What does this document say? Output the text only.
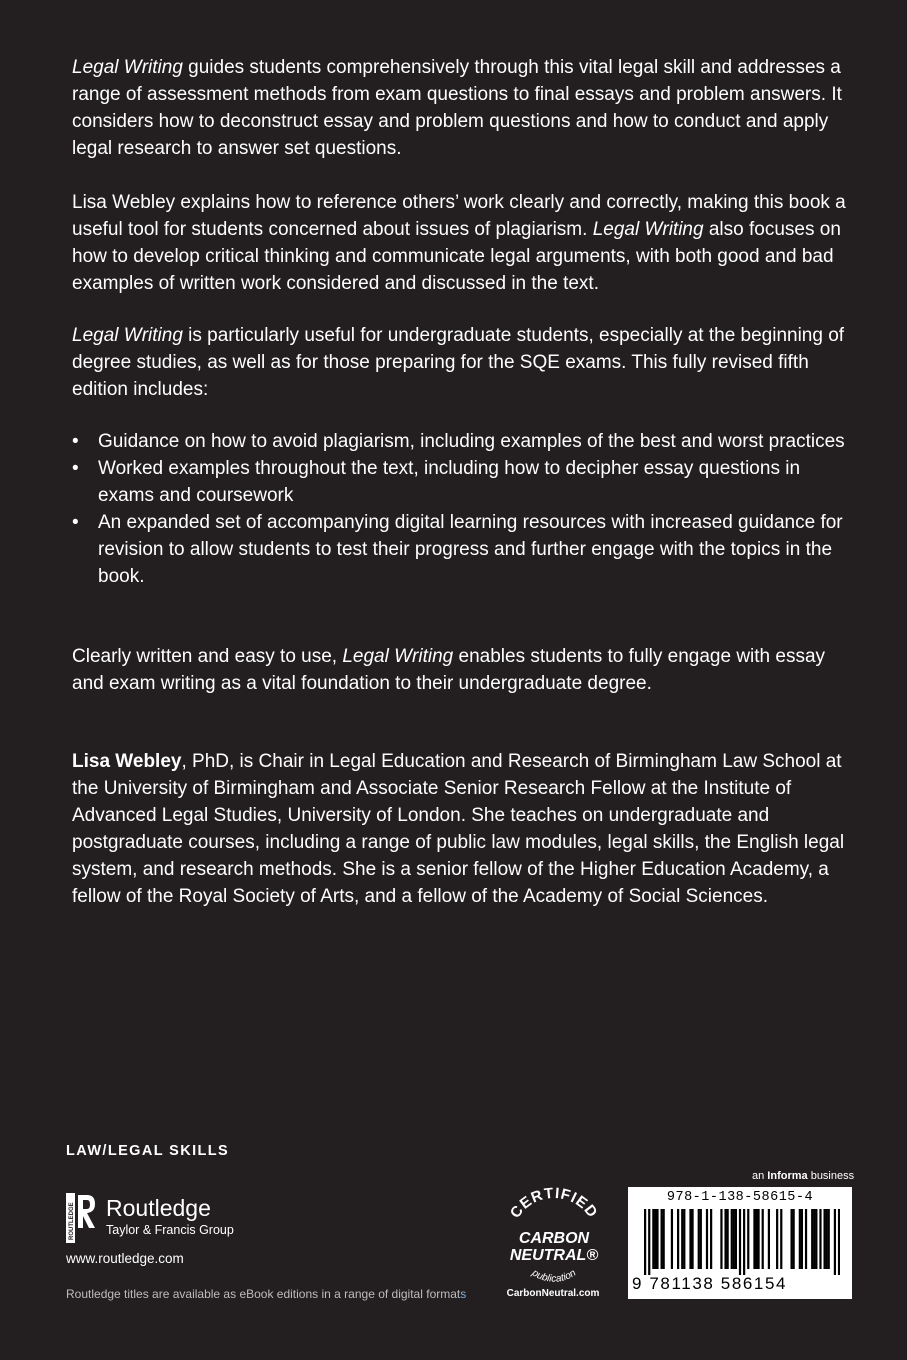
Legal Writing guides students comprehensively through this vital legal skill and addresses a range of assessment methods from exam questions to final essays and problem answers. It considers how to deconstruct essay and problem questions and how to conduct and apply legal research to answer set questions.

Lisa Webley explains how to reference others’ work clearly and correctly, making this book a useful tool for students concerned about issues of plagiarism. Legal Writing also focuses on how to develop critical thinking and communicate legal arguments, with both good and bad examples of written work considered and discussed in the text.

Legal Writing is particularly useful for undergraduate students, especially at the beginning of degree studies, as well as for those preparing for the SQE exams. This fully revised fifth edition includes:

• Guidance on how to avoid plagiarism, including examples of the best and worst practices
• Worked examples throughout the text, including how to decipher essay questions in exams and coursework
• An expanded set of accompanying digital learning resources with increased guidance for revision to allow students to test their progress and further engage with the topics in the book.

Clearly written and easy to use, Legal Writing enables students to fully engage with essay and exam writing as a vital foundation to their undergraduate degree.

Lisa Webley, PhD, is Chair in Legal Education and Research of Birmingham Law School at the University of Birmingham and Associate Senior Research Fellow at the Institute of Advanced Legal Studies, University of London. She teaches on undergraduate and postgraduate courses, including a range of public law modules, legal skills, the English legal system, and research methods. She is a senior fellow of the Higher Education Academy, a fellow of the Royal Society of Arts, and a fellow of the Academy of Social Sciences.

LAW/LEGAL SKILLS
ROUTLEDGE Routledge
Taylor & Francis Group
www.routledge.com
Routledge titles are available as eBook editions in a range of digital formats
CERTIFIED
CARBON
NEUTRAL®
publication
CarbonNeutral.com
an Informa business
978-1-138-58615-4
9 781138 586154
